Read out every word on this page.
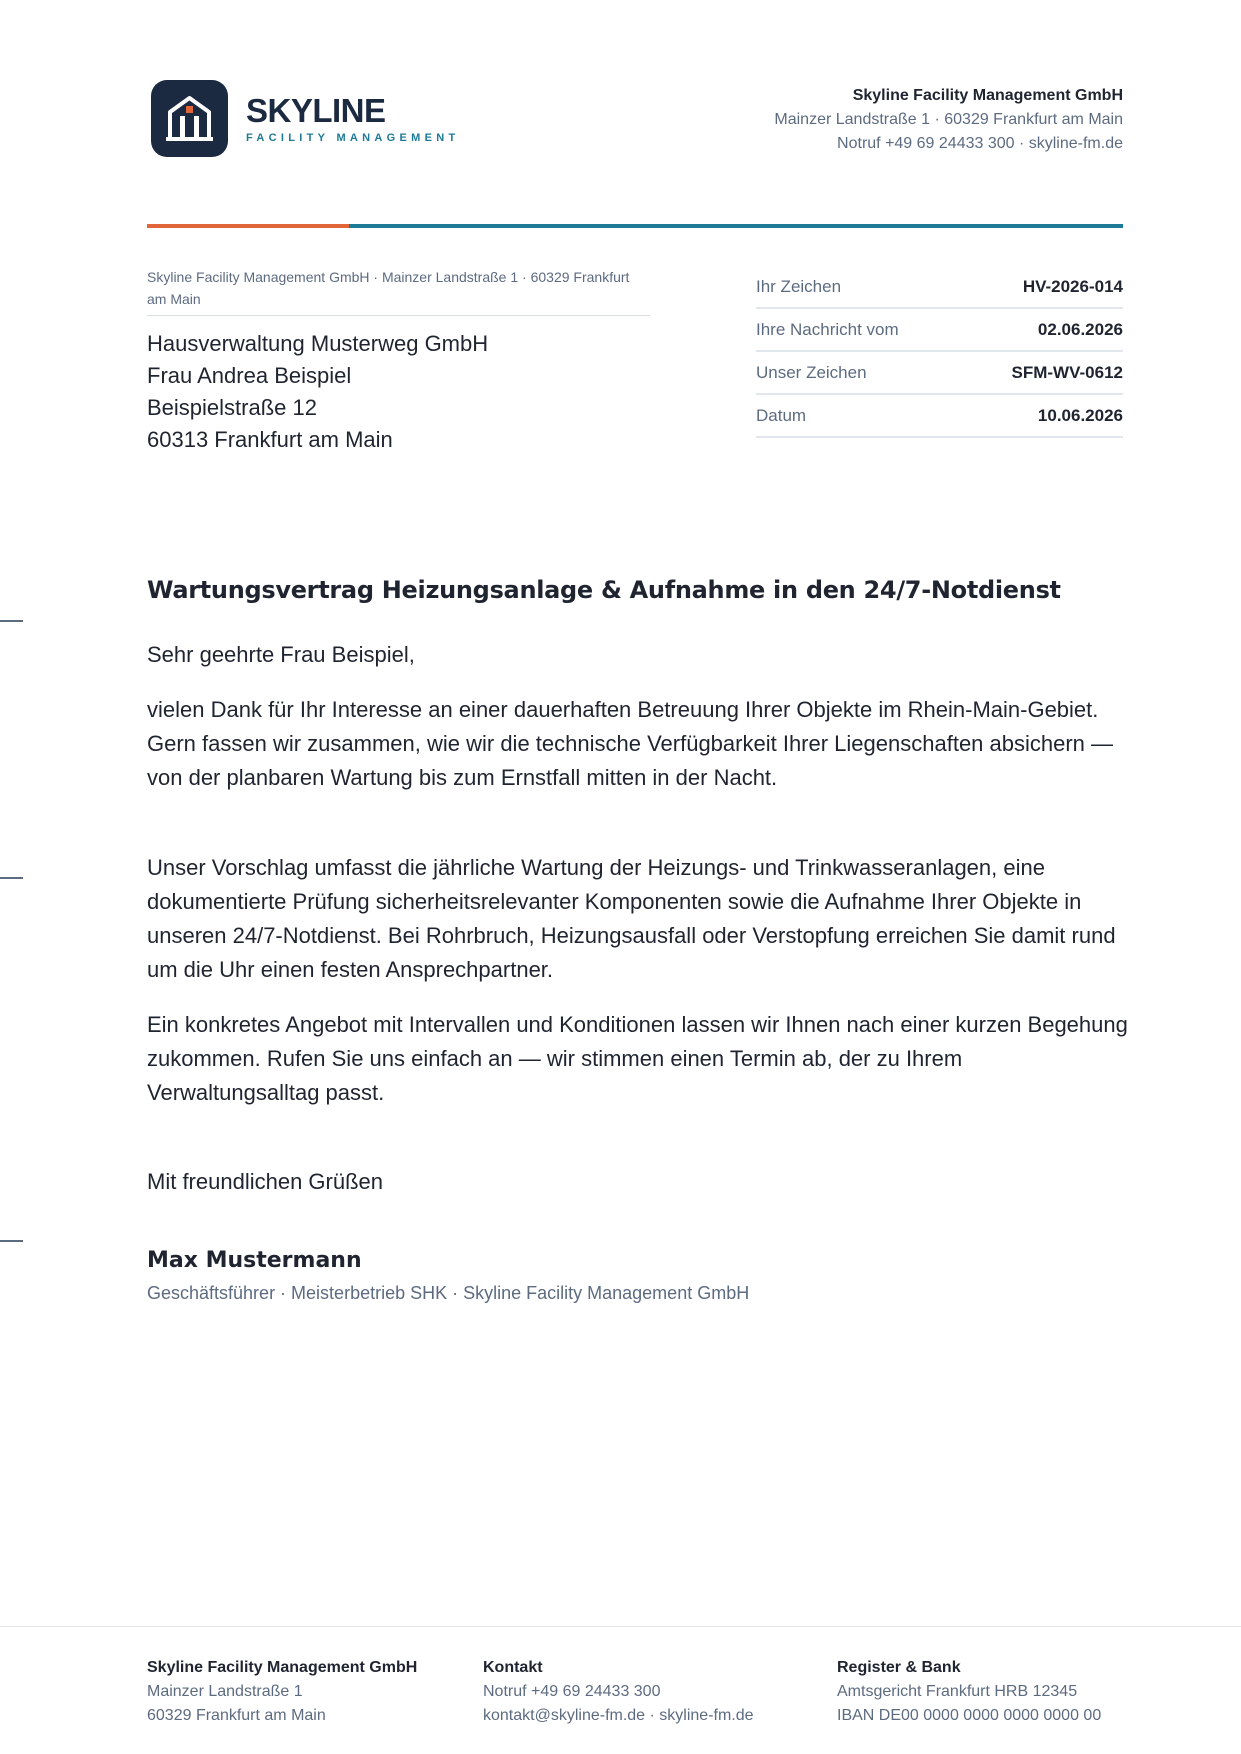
SKYLINE
FACILITY MANAGEMENT
Skyline Facility Management GmbH
Mainzer Landstraße 1 · 60329 Frankfurt am Main
Notruf +49 69 24433 300 · skyline-fm.de
Skyline Facility Management GmbH · Mainzer Landstraße 1 · 60329 Frankfurt am Main
Hausverwaltung Musterweg GmbH
Frau Andrea Beispiel
Beispielstraße 12
60313 Frankfurt am Main
Ihr Zeichen	HV-2026-014
Ihre Nachricht vom	02.06.2026
Unser Zeichen	SFM-WV-0612
Datum	10.06.2026
Wartungsvertrag Heizungsanlage & Aufnahme in den 24/7-Notdienst
Sehr geehrte Frau Beispiel,
vielen Dank für Ihr Interesse an einer dauerhaften Betreuung Ihrer Objekte im Rhein-Main-Gebiet. Gern fassen wir zusammen, wie wir die technische Verfügbarkeit Ihrer Liegenschaften absichern — von der planbaren Wartung bis zum Ernstfall mitten in der Nacht.
Unser Vorschlag umfasst die jährliche Wartung der Heizungs- und Trinkwasseranlagen, eine dokumentierte Prüfung sicherheitsrelevanter Komponenten sowie die Aufnahme Ihrer Objekte in unseren 24/7-Notdienst. Bei Rohrbruch, Heizungsausfall oder Verstopfung erreichen Sie damit rund um die Uhr einen festen Ansprechpartner.
Ein konkretes Angebot mit Intervallen und Konditionen lassen wir Ihnen nach einer kurzen Begehung zukommen. Rufen Sie uns einfach an — wir stimmen einen Termin ab, der zu Ihrem Verwaltungsalltag passt.
Mit freundlichen Grüßen
Max Mustermann
Geschäftsführer · Meisterbetrieb SHK · Skyline Facility Management GmbH
Skyline Facility Management GmbH
Mainzer Landstraße 1
60329 Frankfurt am Main
Kontakt
Notruf +49 69 24433 300
kontakt@skyline-fm.de · skyline-fm.de
Register & Bank
Amtsgericht Frankfurt HRB 12345
IBAN DE00 0000 0000 0000 0000 00
